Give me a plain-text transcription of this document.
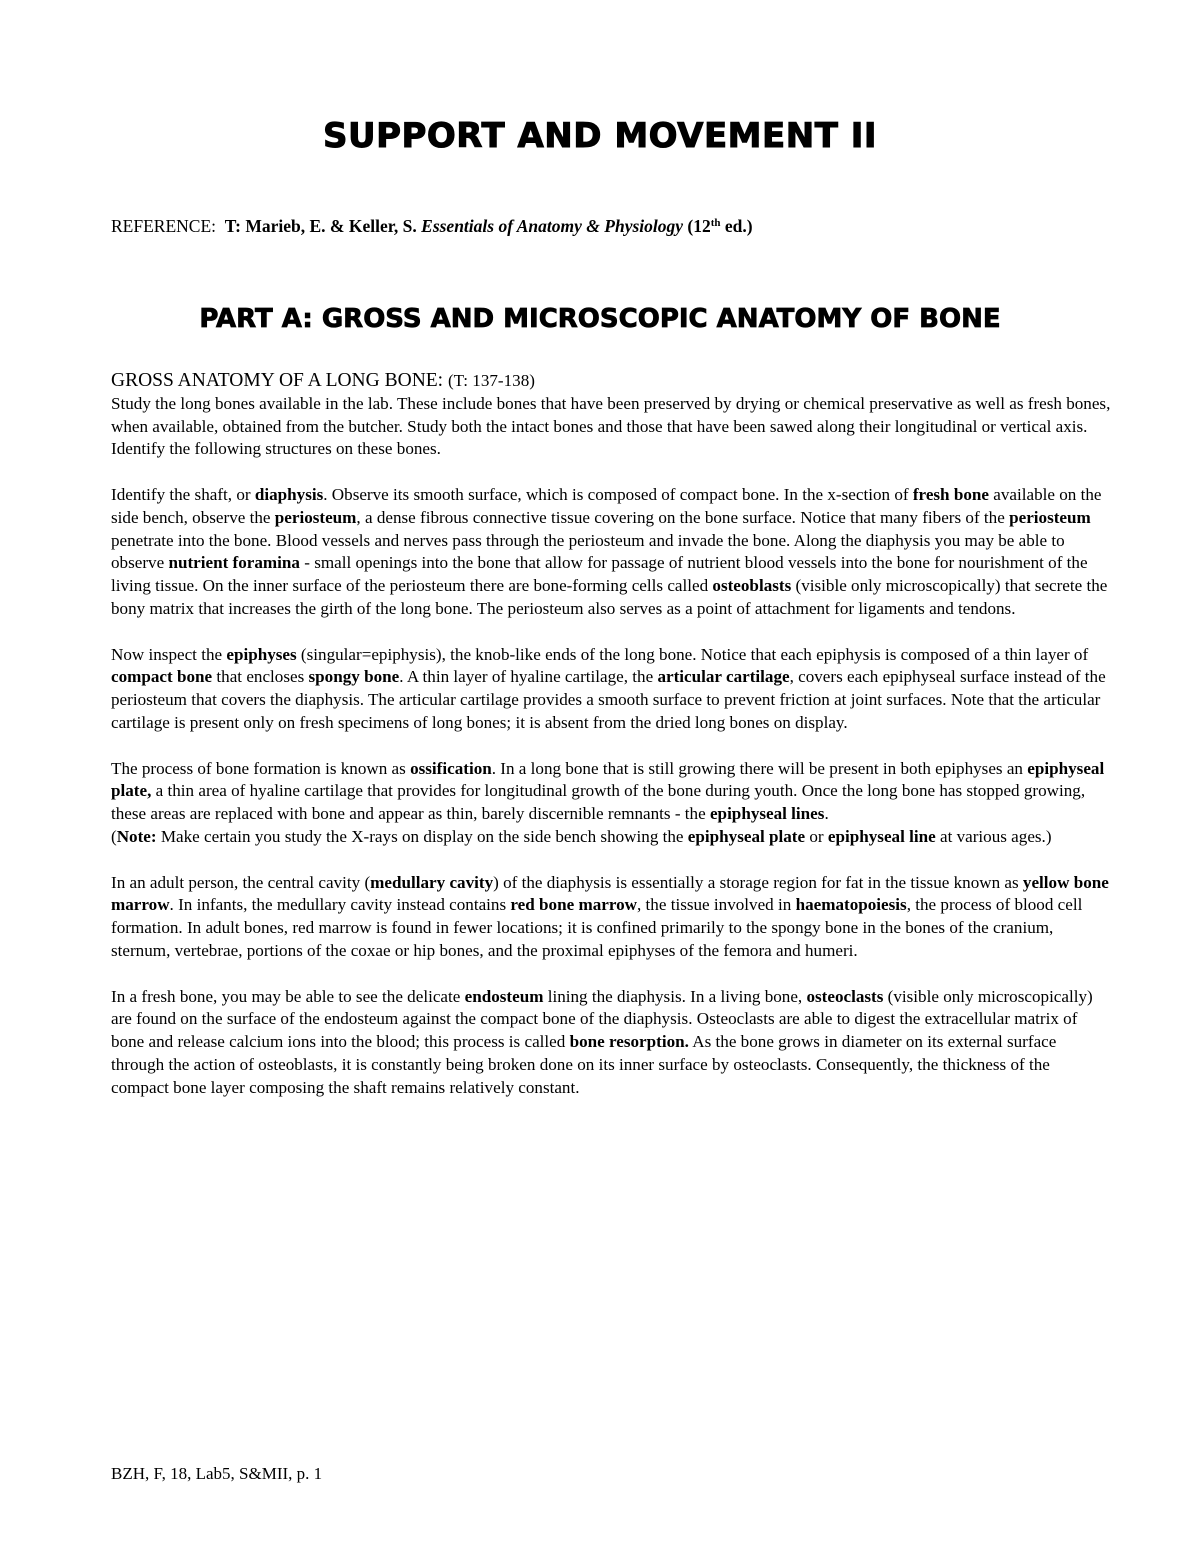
SUPPORT AND MOVEMENT II
REFERENCE: T: Marieb, E. & Keller, S. Essentials of Anatomy & Physiology (12th ed.)
PART A: GROSS AND MICROSCOPIC ANATOMY OF BONE
GROSS ANATOMY OF A LONG BONE: (T: 137-138)

Study the long bones available in the lab. These include bones that have been preserved by drying or chemical preservative as well as fresh bones, when available, obtained from the butcher. Study both the intact bones and those that have been sawed along their longitudinal or vertical axis. Identify the following structures on these bones.

Identify the shaft, or diaphysis. Observe its smooth surface, which is composed of compact bone. In the x-section of fresh bone available on the side bench, observe the periosteum, a dense fibrous connective tissue covering on the bone surface. Notice that many fibers of the periosteum penetrate into the bone. Blood vessels and nerves pass through the periosteum and invade the bone. Along the diaphysis you may be able to observe nutrient foramina - small openings into the bone that allow for passage of nutrient blood vessels into the bone for nourishment of the living tissue. On the inner surface of the periosteum there are bone-forming cells called osteoblasts (visible only microscopically) that secrete the bony matrix that increases the girth of the long bone. The periosteum also serves as a point of attachment for ligaments and tendons.

Now inspect the epiphyses (singular=epiphysis), the knob-like ends of the long bone. Notice that each epiphysis is composed of a thin layer of compact bone that encloses spongy bone. A thin layer of hyaline cartilage, the articular cartilage, covers each epiphyseal surface instead of the periosteum that covers the diaphysis. The articular cartilage provides a smooth surface to prevent friction at joint surfaces. Note that the articular cartilage is present only on fresh specimens of long bones; it is absent from the dried long bones on display.

The process of bone formation is known as ossification. In a long bone that is still growing there will be present in both epiphyses an epiphyseal plate, a thin area of hyaline cartilage that provides for longitudinal growth of the bone during youth. Once the long bone has stopped growing, these areas are replaced with bone and appear as thin, barely discernible remnants - the epiphyseal lines.

(Note: Make certain you study the X-rays on display on the side bench showing the epiphyseal plate or epiphyseal line at various ages.)

In an adult person, the central cavity (medullary cavity) of the diaphysis is essentially a storage region for fat in the tissue known as yellow bone marrow. In infants, the medullary cavity instead contains red bone marrow, the tissue involved in haematopoiesis, the process of blood cell formation. In adult bones, red marrow is found in fewer locations; it is confined primarily to the spongy bone in the bones of the cranium, sternum, vertebrae, portions of the coxae or hip bones, and the proximal epiphyses of the femora and humeri.

In a fresh bone, you may be able to see the delicate endosteum lining the diaphysis. In a living bone, osteoclasts (visible only microscopically) are found on the surface of the endosteum against the compact bone of the diaphysis. Osteoclasts are able to digest the extracellular matrix of bone and release calcium ions into the blood; this process is called bone resorption. As the bone grows in diameter on its external surface through the action of osteoblasts, it is constantly being broken done on its inner surface by osteoclasts. Consequently, the thickness of the compact bone layer composing the shaft remains relatively constant.

BZH, F, 18, Lab5, S&MII, p. 1
